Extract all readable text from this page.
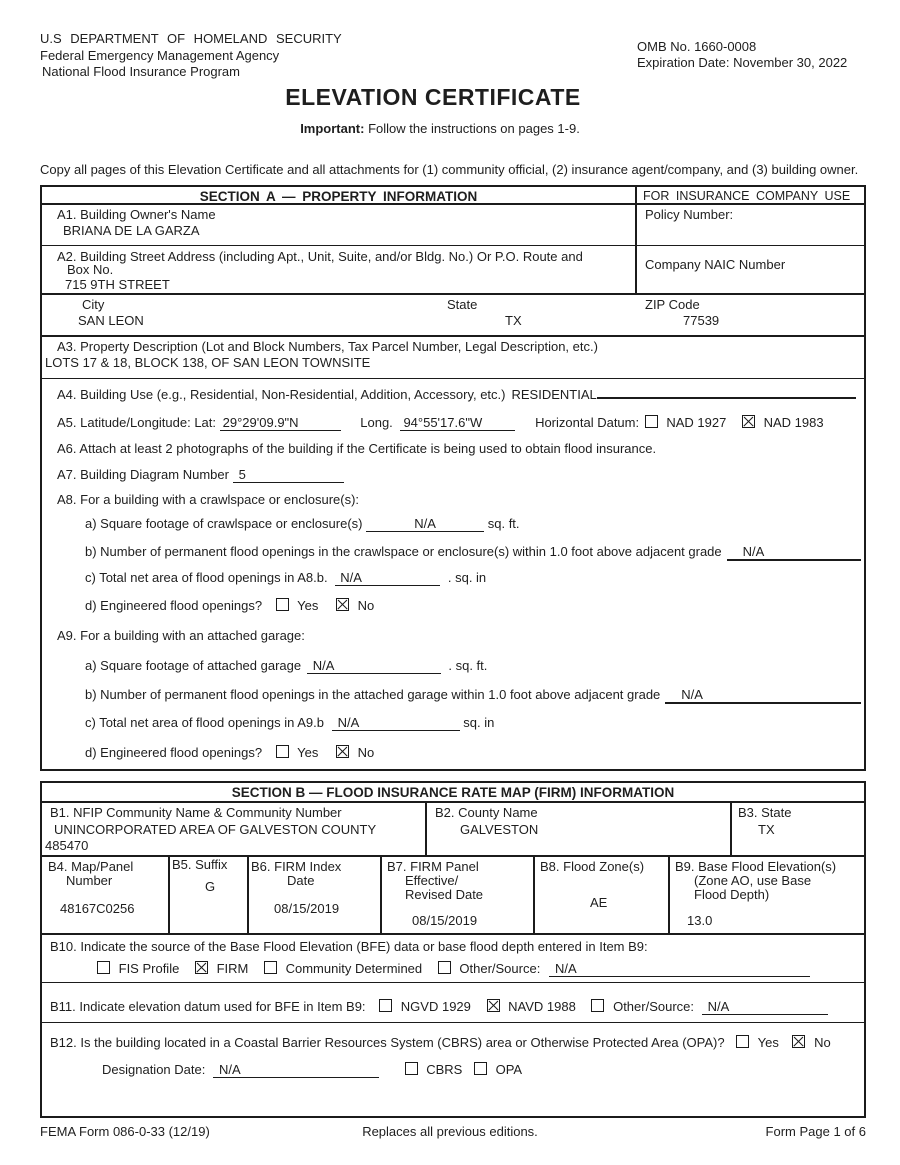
U.S DEPARTMENT OF HOMELAND SECURITY
Federal Emergency Management Agency
National Flood Insurance Program
OMB No. 1660-0008
Expiration Date: November 30, 2022
ELEVATION CERTIFICATE
Important: Follow the instructions on pages 1-9.
Copy all pages of this Elevation Certificate and all attachments for (1) community official, (2) insurance agent/company, and (3) building owner.
SECTION A — PROPERTY INFORMATION	FOR INSURANCE COMPANY USE
A1. Building Owner's Name
BRIANA DE LA GARZA
Policy Number:
A2. Building Street Address (including Apt., Unit, Suite, and/or Bldg. No.) Or P.O. Route and
Box No.
715 9TH STREET
Company NAIC Number
City
SAN LEON
State
TX
ZIP Code
77539
A3. Property Description (Lot and Block Numbers, Tax Parcel Number, Legal Description, etc.)
LOTS 17 & 18, BLOCK 138, OF SAN LEON TOWNSITE
A4. Building Use (e.g., Residential, Non-Residential, Addition, Accessory, etc.) RESIDENTIAL
A5. Latitude/Longitude: Lat: 29°29'09.9"N	Long. 94°55'17.6"W	Horizontal Datum: NAD 1927	NAD 1983
A6. Attach at least 2 photographs of the building if the Certificate is being used to obtain flood insurance.
A7. Building Diagram Number 5
A8. For a building with a crawlspace or enclosure(s):
a) Square footage of crawlspace or enclosure(s)	N/A	sq. ft.
b) Number of permanent flood openings in the crawlspace or enclosure(s) within 1.0 foot above adjacent grade	N/A
c) Total net area of flood openings in A8.b. N/A	. sq. in
d) Engineered flood openings?	Yes	No
A9. For a building with an attached garage:
a) Square footage of attached garage N/A	. sq. ft.
b) Number of permanent flood openings in the attached garage within 1.0 foot above adjacent grade	N/A
c) Total net area of flood openings in A9.b N/A	sq. in
d) Engineered flood openings?	Yes	No
SECTION B — FLOOD INSURANCE RATE MAP (FIRM) INFORMATION
B1. NFIP Community Name & Community Number
UNINCORPORATED AREA OF GALVESTON COUNTY
485470
B2. County Name
GALVESTON
B3. State
TX
B4. Map/Panel
Number
48167C0256
B5. Suffix
G
B6. FIRM Index
Date
08/15/2019
B7. FIRM Panel
Effective/
Revised Date
08/15/2019
B8. Flood Zone(s)
AE
B9. Base Flood Elevation(s)
(Zone AO, use Base
Flood Depth)
13.0
B10. Indicate the source of the Base Flood Elevation (BFE) data or base flood depth entered in Item B9:
FIS Profile	FIRM	Community Determined	Other/Source: N/A
B11. Indicate elevation datum used for BFE in Item B9:	NGVD 1929	NAVD 1988	Other/Source: N/A
B12. Is the building located in a Coastal Barrier Resources System (CBRS) area or Otherwise Protected Area (OPA)?	Yes	No
Designation Date: N/A	CBRS	OPA
FEMA Form 086-0-33 (12/19)	Replaces all previous editions.	Form Page 1 of 6
